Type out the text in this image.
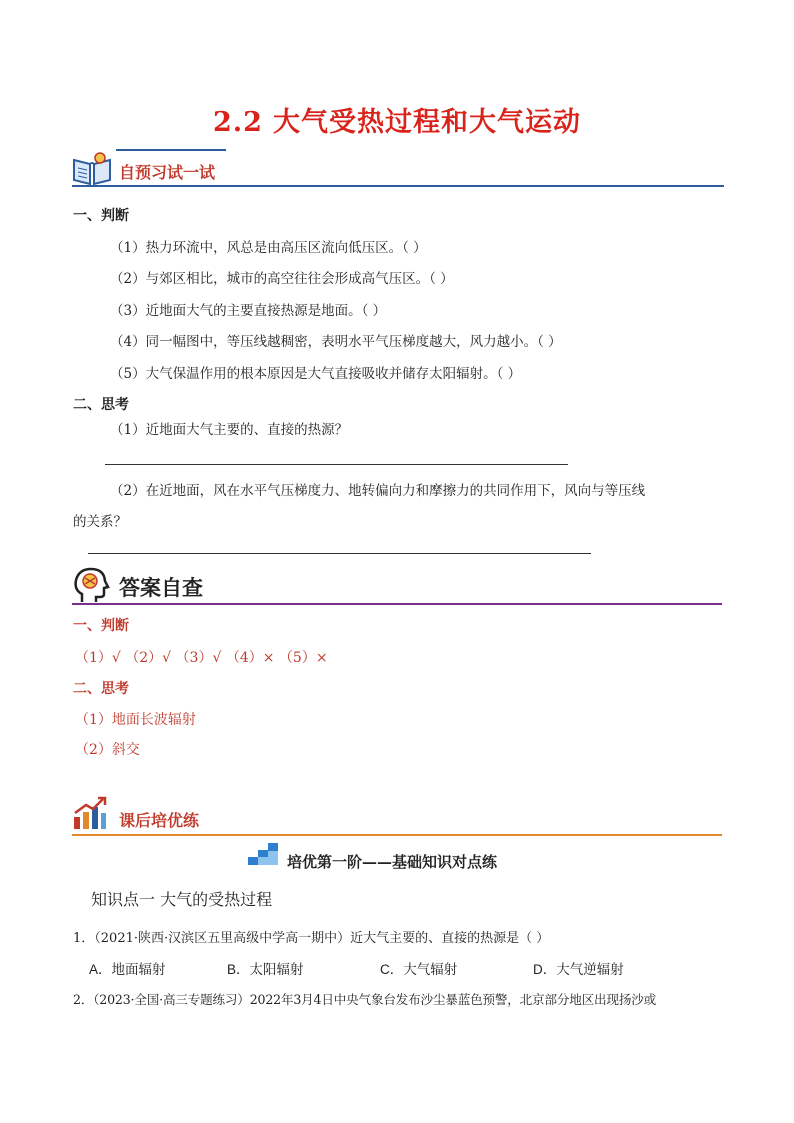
2.2 大气受热过程和大气运动
自预习试一试
一、判断
（1）热力环流中，风总是由高压区流向低压区。（ ）
（2）与郊区相比，城市的高空往往会形成高气压区。（ ）
（3）近地面大气的主要直接热源是地面。（ ）
（4）同一幅图中，等压线越稠密，表明水平气压梯度越大，风力越小。（ ）
（5）大气保温作用的根本原因是大气直接吸收并储存太阳辐射。（ ）
二、思考
（1）近地面大气主要的、直接的热源？
（2）在近地面，风在水平气压梯度力、地转偏向力和摩擦力的共同作用下，风向与等压线
的关系？
答案自查
一、判断
（1）√ （2）√ （3）√ （4）× （5）×
二、思考
（1）地面长波辐射
（2）斜交
课后培优练
培优第一阶——基础知识对点练
知识点一 大气的受热过程
1．（2021·陕西·汉滨区五里高级中学高一期中）近大气主要的、直接的热源是（ ）
A．地面辐射	B．太阳辐射	C．大气辐射	D．大气逆辐射
2．（2023·全国·高三专题练习）2022年3月4日中央气象台发布沙尘暴蓝色预警，北京部分地区出现扬沙或
